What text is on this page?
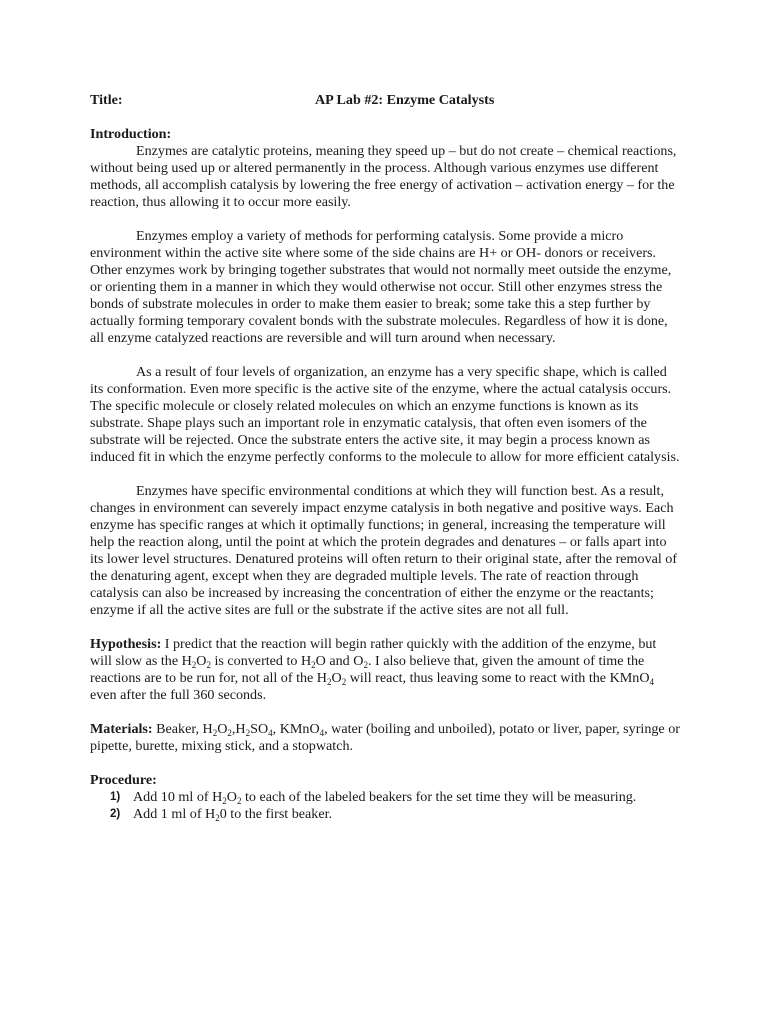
Title:	AP Lab #2: Enzyme Catalysts
Introduction:

Enzymes are catalytic proteins, meaning they speed up – but do not create – chemical reactions, without being used up or altered permanently in the process. Although various enzymes use different methods, all accomplish catalysis by lowering the free energy of activation – activation energy – for the reaction, thus allowing it to occur more easily.

Enzymes employ a variety of methods for performing catalysis. Some provide a micro environment within the active site where some of the side chains are H+ or OH- donors or receivers. Other enzymes work by bringing together substrates that would not normally meet outside the enzyme, or orienting them in a manner in which they would otherwise not occur. Still other enzymes stress the bonds of substrate molecules in order to make them easier to break; some take this a step further by actually forming temporary covalent bonds with the substrate molecules. Regardless of how it is done, all enzyme catalyzed reactions are reversible and will turn around when necessary.

As a result of four levels of organization, an enzyme has a very specific shape, which is called its conformation. Even more specific is the active site of the enzyme, where the actual catalysis occurs. The specific molecule or closely related molecules on which an enzyme functions is known as its substrate. Shape plays such an important role in enzymatic catalysis, that often even isomers of the substrate will be rejected. Once the substrate enters the active site, it may begin a process known as induced fit in which the enzyme perfectly conforms to the molecule to allow for more efficient catalysis.

Enzymes have specific environmental conditions at which they will function best. As a result, changes in environment can severely impact enzyme catalysis in both negative and positive ways. Each enzyme has specific ranges at which it optimally functions; in general, increasing the temperature will help the reaction along, until the point at which the protein degrades and denatures – or falls apart into its lower level structures. Denatured proteins will often return to their original state, after the removal of the denaturing agent, except when they are degraded multiple levels. The rate of reaction through catalysis can also be increased by increasing the concentration of either the enzyme or the reactants; enzyme if all the active sites are full or the substrate if the active sites are not all full.

Hypothesis: I predict that the reaction will begin rather quickly with the addition of the enzyme, but will slow as the $H_2O_2$ is converted to $H_2O$ and $O_2$. I also believe that, given the amount of time the reactions are to be run for, not all of the $H_2O_2$ will react, thus leaving some to react with the KMnO$_4$ even after the full 360 seconds.

Materials: Beaker, $H_2O_2,H_2SO_4$, KMnO$_4$, water (boiling and unboiled), potato or liver, paper, syringe or pipette, burette, mixing stick, and a stopwatch.

Procedure:
1) Add 10 ml of $H_2O_2$ to each of the labeled beakers for the set time they will be measuring.
2) Add 1 ml of $H_20$ to the first beaker.
